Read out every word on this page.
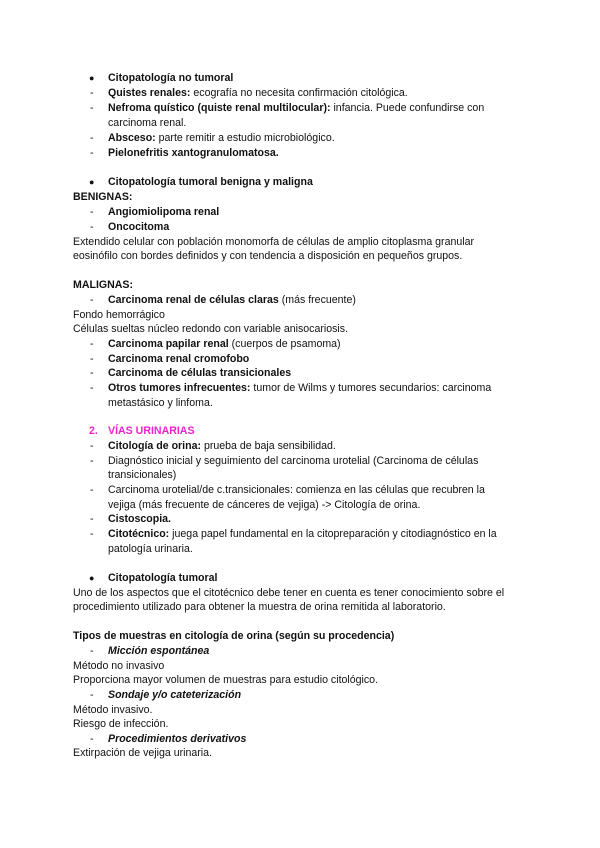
● Citopatología no tumoral
- Quistes renales: ecografía no necesita confirmación citológica.
- Nefroma quístico (quiste renal multilocular): infancia. Puede confundirse con
carcinoma renal.
- Absceso: parte remitir a estudio microbiológico.
- Pielonefritis xantogranulomatosa.
● Citopatología tumoral benigna y maligna
BENIGNAS:
- Angiomiolipoma renal
- Oncocitoma
Extendido celular con población monomorfa de células de amplio citoplasma granular
eosinófilo con bordes definidos y con tendencia a disposición en pequeños grupos.
MALIGNAS:
- Carcinoma renal de células claras (más frecuente)
Fondo hemorrágico
Células sueltas núcleo redondo con variable anisocariosis.
- Carcinoma papilar renal (cuerpos de psamoma)
- Carcinoma renal cromofobo
- Carcinoma de células transicionales
- Otros tumores infrecuentes: tumor de Wilms y tumores secundarios: carcinoma
metastásico y linfoma.
2. VÍAS URINARIAS
- Citología de orina: prueba de baja sensibilidad.
- Diagnóstico inicial y seguimiento del carcinoma urotelial (Carcinoma de células
transicionales)
- Carcinoma urotelial/de c.transicionales: comienza en las células que recubren la
vejiga (más frecuente de cánceres de vejiga) -> Citología de orina.
- Cistoscopia.
- Citotécnico: juega papel fundamental en la citopreparación y citodiagnóstico en la
patología urinaria.
● Citopatología tumoral
Uno de los aspectos que el citotécnico debe tener en cuenta es tener conocimiento sobre el
procedimiento utilizado para obtener la muestra de orina remitida al laboratorio.
Tipos de muestras en citología de orina (según su procedencia)
- Micción espontánea
Método no invasivo
Proporciona mayor volumen de muestras para estudio citológico.
- Sondaje y/o cateterización
Método invasivo.
Riesgo de infección.
- Procedimientos derivativos
Extirpación de vejiga urinaria.
